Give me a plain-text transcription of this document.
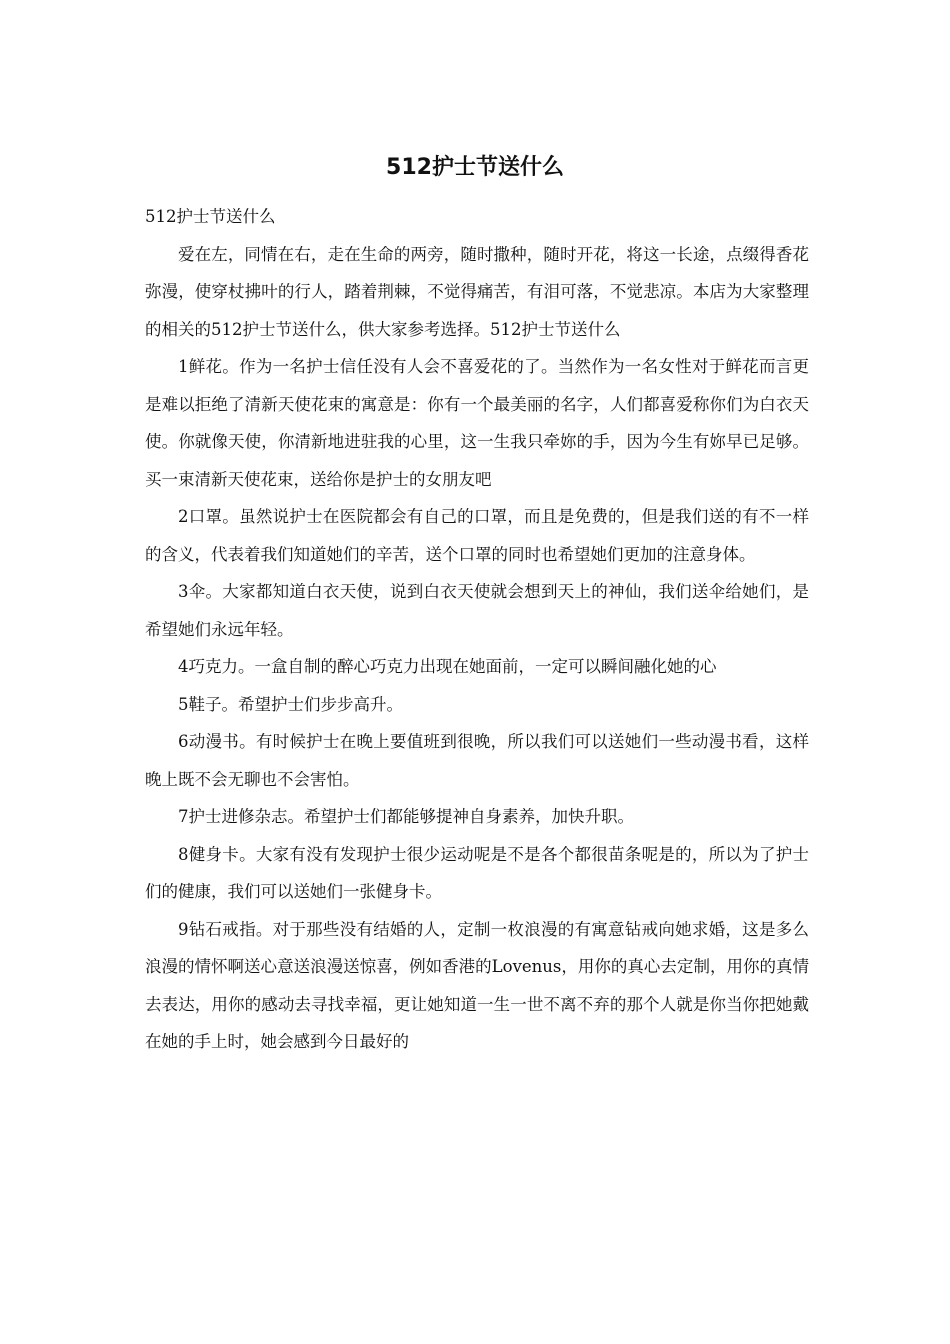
512护士节送什么

512护士节送什么

爱在左，同情在右，走在生命的两旁，随时撒种，随时开花，将这一长途，点缀得香花弥漫，使穿杖拂叶的行人，踏着荆棘，不觉得痛苦，有泪可落，不觉悲凉。本店为大家整理的相关的512护士节送什么，供大家参考选择。512护士节送什么

1鲜花。作为一名护士信任没有人会不喜爱花的了。当然作为一名女性对于鲜花而言更是难以拒绝了清新天使花束的寓意是：你有一个最美丽的名字，人们都喜爱称你们为白衣天使。你就像天使，你清新地进驻我的心里，这一生我只牵妳的手，因为今生有妳早已足够。买一束清新天使花束，送给你是护士的女朋友吧

2口罩。虽然说护士在医院都会有自己的口罩，而且是免费的，但是我们送的有不一样的含义，代表着我们知道她们的辛苦，送个口罩的同时也希望她们更加的注意身体。

3伞。大家都知道白衣天使，说到白衣天使就会想到天上的神仙，我们送伞给她们，是希望她们永远年轻。

4巧克力。一盒自制的醉心巧克力出现在她面前，一定可以瞬间融化她的心

5鞋子。希望护士们步步高升。

6动漫书。有时候护士在晚上要值班到很晚，所以我们可以送她们一些动漫书看，这样晚上既不会无聊也不会害怕。

7护士进修杂志。希望护士们都能够提神自身素养，加快升职。

8健身卡。大家有没有发现护士很少运动呢是不是各个都很苗条呢是的，所以为了护士们的健康，我们可以送她们一张健身卡。

9钻石戒指。对于那些没有结婚的人，定制一枚浪漫的有寓意钻戒向她求婚，这是多么浪漫的情怀啊送心意送浪漫送惊喜，例如香港的Lovenus，用你的真心去定制，用你的真情去表达，用你的感动去寻找幸福，更让她知道一生一世不离不弃的那个人就是你当你把她戴在她的手上时，她会感到今日最好的
